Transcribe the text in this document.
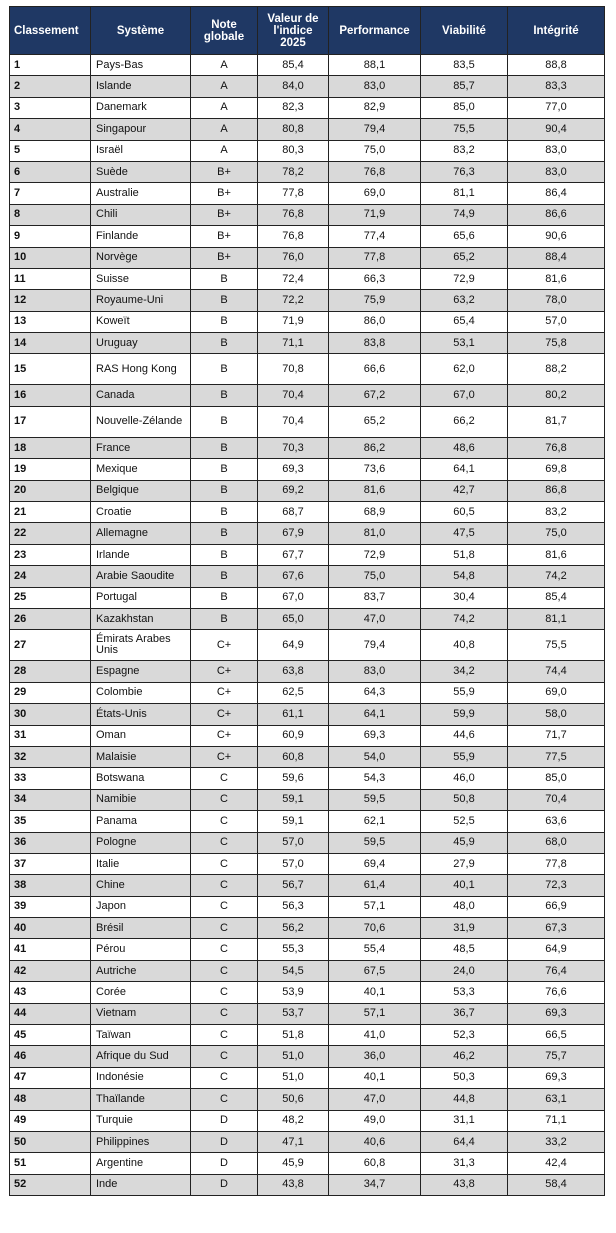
Classement	Système	Note globale	Valeur de l'indice 2025	Performance	Viabilité	Intégrité
1	Pays-Bas	A	85,4	88,1	83,5	88,8
2	Islande	A	84,0	83,0	85,7	83,3
3	Danemark	A	82,3	82,9	85,0	77,0
4	Singapour	A	80,8	79,4	75,5	90,4
5	Israël	A	80,3	75,0	83,2	83,0
6	Suède	B+	78,2	76,8	76,3	83,0
7	Australie	B+	77,8	69,0	81,1	86,4
8	Chili	B+	76,8	71,9	74,9	86,6
9	Finlande	B+	76,8	77,4	65,6	90,6
10	Norvège	B+	76,0	77,8	65,2	88,4
11	Suisse	B	72,4	66,3	72,9	81,6
12	Royaume-Uni	B	72,2	75,9	63,2	78,0
13	Koweït	B	71,9	86,0	65,4	57,0
14	Uruguay	B	71,1	83,8	53,1	75,8
15	RAS Hong Kong	B	70,8	66,6	62,0	88,2
16	Canada	B	70,4	67,2	67,0	80,2
17	Nouvelle-Zélande	B	70,4	65,2	66,2	81,7
18	France	B	70,3	86,2	48,6	76,8
19	Mexique	B	69,3	73,6	64,1	69,8
20	Belgique	B	69,2	81,6	42,7	86,8
21	Croatie	B	68,7	68,9	60,5	83,2
22	Allemagne	B	67,9	81,0	47,5	75,0
23	Irlande	B	67,7	72,9	51,8	81,6
24	Arabie Saoudite	B	67,6	75,0	54,8	74,2
25	Portugal	B	67,0	83,7	30,4	85,4
26	Kazakhstan	B	65,0	47,0	74,2	81,1
27	Émirats Arabes Unis	C+	64,9	79,4	40,8	75,5
28	Espagne	C+	63,8	83,0	34,2	74,4
29	Colombie	C+	62,5	64,3	55,9	69,0
30	États-Unis	C+	61,1	64,1	59,9	58,0
31	Oman	C+	60,9	69,3	44,6	71,7
32	Malaisie	C+	60,8	54,0	55,9	77,5
33	Botswana	C	59,6	54,3	46,0	85,0
34	Namibie	C	59,1	59,5	50,8	70,4
35	Panama	C	59,1	62,1	52,5	63,6
36	Pologne	C	57,0	59,5	45,9	68,0
37	Italie	C	57,0	69,4	27,9	77,8
38	Chine	C	56,7	61,4	40,1	72,3
39	Japon	C	56,3	57,1	48,0	66,9
40	Brésil	C	56,2	70,6	31,9	67,3
41	Pérou	C	55,3	55,4	48,5	64,9
42	Autriche	C	54,5	67,5	24,0	76,4
43	Corée	C	53,9	40,1	53,3	76,6
44	Vietnam	C	53,7	57,1	36,7	69,3
45	Taïwan	C	51,8	41,0	52,3	66,5
46	Afrique du Sud	C	51,0	36,0	46,2	75,7
47	Indonésie	C	51,0	40,1	50,3	69,3
48	Thaïlande	C	50,6	47,0	44,8	63,1
49	Turquie	D	48,2	49,0	31,1	71,1
50	Philippines	D	47,1	40,6	64,4	33,2
51	Argentine	D	45,9	60,8	31,3	42,4
52	Inde	D	43,8	34,7	43,8	58,4
